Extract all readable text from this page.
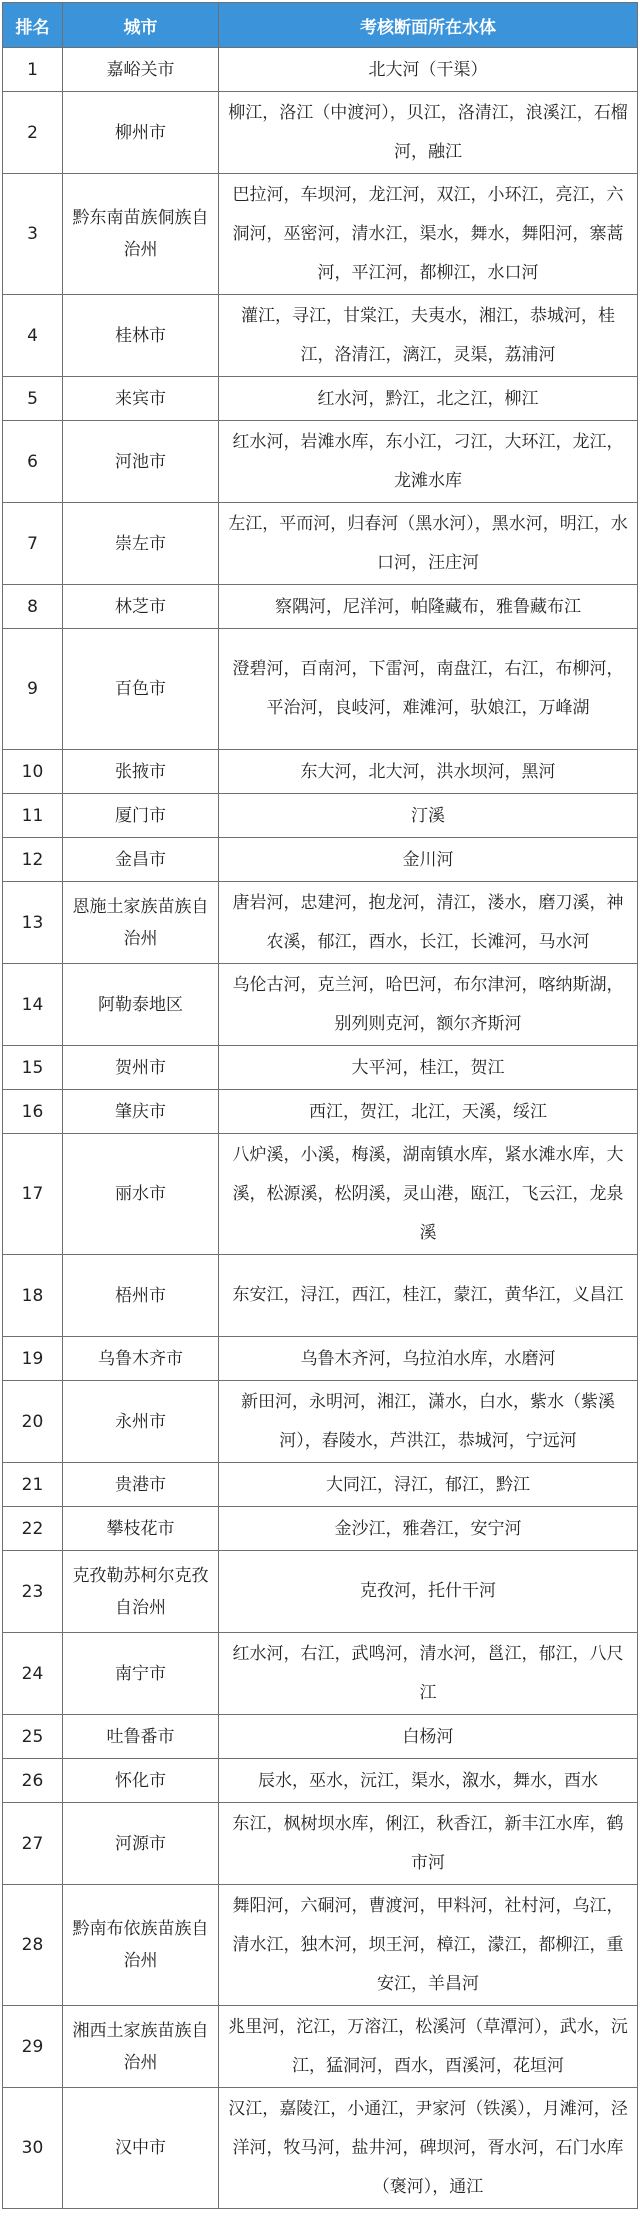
排名	城市	考核断面所在水体
1	嘉峪关市	北大河（干渠）
2	柳州市	柳江，洛江（中渡河），贝江，洛清江，浪溪江，石榴河，融江
3	黔东南苗族侗族自治州	巴拉河，车坝河，龙江河，双江，小环江，亮江，六洞河，巫密河，清水江，渠水，舞水，舞阳河，寨蒿河，平江河，都柳江，水口河
4	桂林市	灌江，寻江，甘棠江，夫夷水，湘江，恭城河，桂江，洛清江，漓江，灵渠，荔浦河
5	来宾市	红水河，黔江，北之江，柳江
6	河池市	红水河，岩滩水库，东小江，刁江，大环江，龙江，龙滩水库
7	崇左市	左江，平而河，归春河（黑水河），黑水河，明江，水口河，汪庄河
8	林芝市	察隅河，尼洋河，帕隆藏布，雅鲁藏布江
9	百色市	澄碧河，百南河，下雷河，南盘江，右江，布柳河，平治河，良岐河，难滩河，驮娘江，万峰湖
10	张掖市	东大河，北大河，洪水坝河，黑河
11	厦门市	汀溪
12	金昌市	金川河
13	恩施土家族苗族自治州	唐岩河，忠建河，抱龙河，清江，溇水，磨刀溪，神农溪，郁江，酉水，长江，长滩河，马水河
14	阿勒泰地区	乌伦古河，克兰河，哈巴河，布尔津河，喀纳斯湖，别列则克河，额尔齐斯河
15	贺州市	大平河，桂江，贺江
16	肇庆市	西江，贺江，北江，天溪，绥江
17	丽水市	八炉溪，小溪，梅溪，湖南镇水库，紧水滩水库，大溪，松源溪，松阴溪，灵山港，瓯江，飞云江，龙泉溪
18	梧州市	东安江，浔江，西江，桂江，蒙江，黄华江，义昌江
19	乌鲁木齐市	乌鲁木齐河，乌拉泊水库，水磨河
20	永州市	新田河，永明河，湘江，潇水，白水，紫水（紫溪河），舂陵水，芦洪江，恭城河，宁远河
21	贵港市	大同江，浔江，郁江，黔江
22	攀枝花市	金沙江，雅砻江，安宁河
23	克孜勒苏柯尔克孜自治州	克孜河，托什干河
24	南宁市	红水河，右江，武鸣河，清水河，邕江，郁江，八尺江
25	吐鲁番市	白杨河
26	怀化市	辰水，巫水，沅江，渠水，溆水，舞水，酉水
27	河源市	东江，枫树坝水库，俐江，秋香江，新丰江水库，鹤市河
28	黔南布依族苗族自治州	舞阳河，六硐河，曹渡河，甲料河，社村河，乌江，清水江，独木河，坝王河，樟江，濛江，都柳江，重安江，羊昌河
29	湘西土家族苗族自治州	兆里河，沱江，万溶江，松溪河（草潭河），武水，沅江，猛洞河，酉水，酉溪河，花垣河
30	汉中市	汉江，嘉陵江，小通江，尹家河（铁溪），月滩河，泾洋河，牧马河，盐井河，碑坝河，胥水河，石门水库（褒河），通江
